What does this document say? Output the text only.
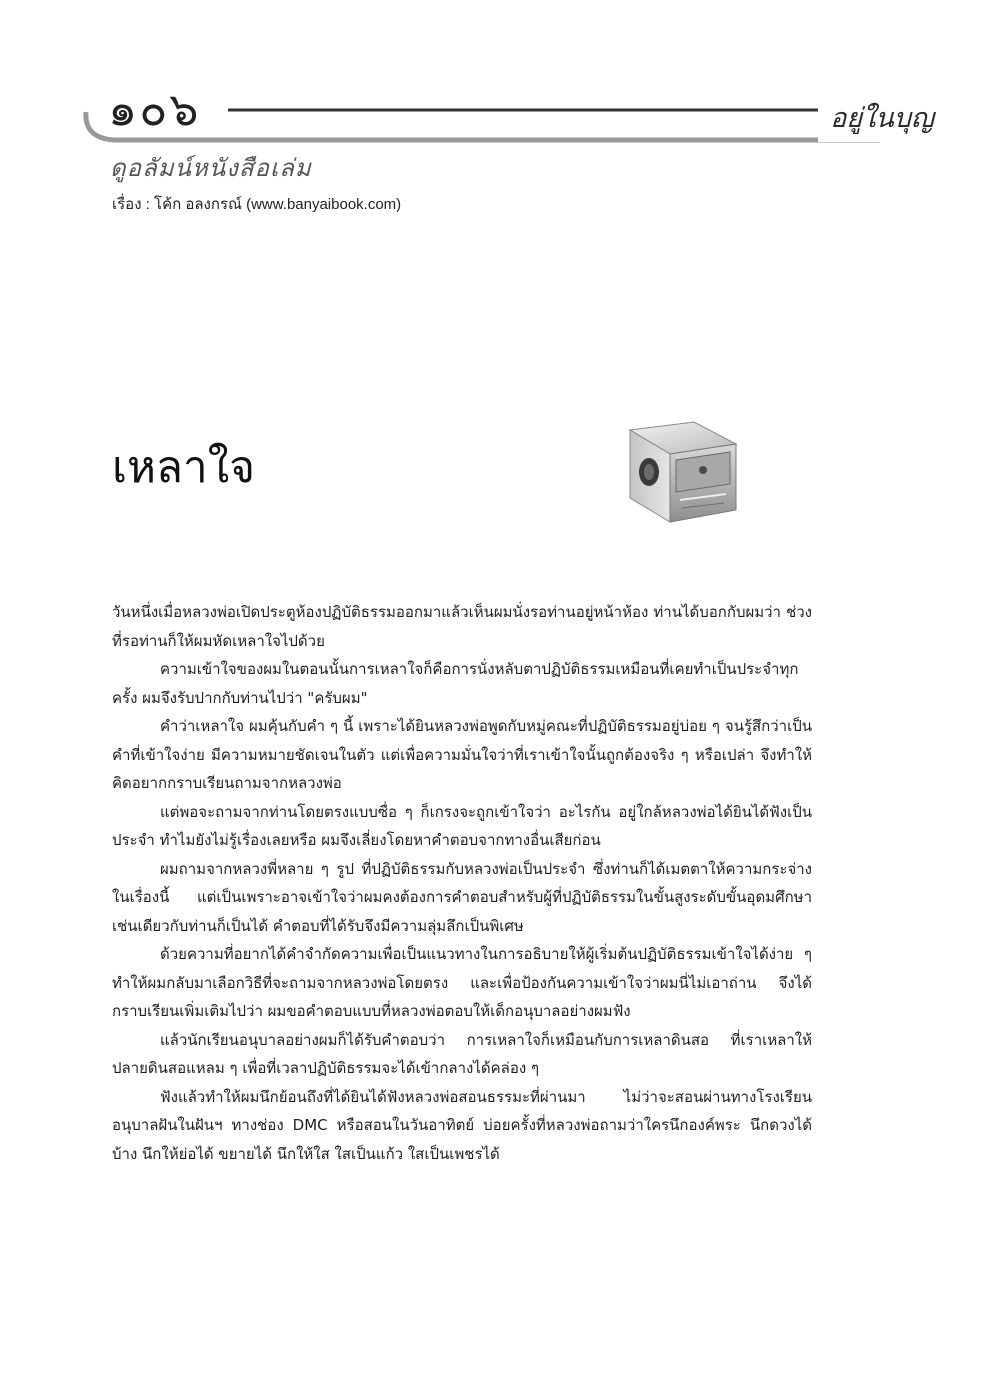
๑๐๖	อยู่ในบุญ
ดูอลัมน์หนังสือเล่ม
เรื่อง : โค้ก อลงกรณ์ (www.banyaibook.com)
เหลาใจ

วันหนึ่งเมื่อหลวงพ่อเปิดประตูห้องปฏิบัติธรรมออกมาแล้วเห็นผมนั่งรอท่านอยู่หน้าห้อง ท่านได้บอกกับผมว่า ช่วงที่รอท่านก็ให้ผมหัดเหลาใจไปด้วย

ความเข้าใจของผมในตอนนั้นการเหลาใจก็คือการนั่งหลับตาปฏิบัติธรรมเหมือนที่เคยทำเป็นประจำทุกครั้ง ผมจึงรับปากกับท่านไปว่า "ครับผม"

คำว่าเหลาใจ ผมคุ้นกับคำ ๆ นี้ เพราะได้ยินหลวงพ่อพูดกับหมู่คณะที่ปฏิบัติธรรมอยู่บ่อย ๆ จนรู้สึกว่าเป็นคำที่เข้าใจง่าย มีความหมายชัดเจนในตัว แต่เพื่อความมั่นใจว่าที่เราเข้าใจนั้นถูกต้องจริง ๆ หรือเปล่า จึงทำให้คิดอยากกราบเรียนถามจากหลวงพ่อ

แต่พอจะถามจากท่านโดยตรงแบบซื่อ ๆ ก็เกรงจะถูกเข้าใจว่า อะไรกัน อยู่ใกล้หลวงพ่อได้ยินได้ฟังเป็นประจำ ทำไมยังไม่รู้เรื่องเลยหรือ ผมจึงเลี่ยงโดยหาคำตอบจากทางอื่นเสียก่อน

ผมถามจากหลวงพี่หลาย ๆ รูป ที่ปฏิบัติธรรมกับหลวงพ่อเป็นประจำ ซึ่งท่านก็ได้เมตตาให้ความกระจ่างในเรื่องนี้ แต่เป็นเพราะอาจเข้าใจว่าผมคงต้องการคำตอบสำหรับผู้ที่ปฏิบัติธรรมในขั้นสูงระดับขั้นอุดมศึกษาเช่นเดียวกับท่านก็เป็นได้ คำตอบที่ได้รับจึงมีความลุ่มลึกเป็นพิเศษ

ด้วยความที่อยากได้คำจำกัดความเพื่อเป็นแนวทางในการอธิบายให้ผู้เริ่มต้นปฏิบัติธรรมเข้าใจได้ง่าย ๆ ทำให้ผมกลับมาเลือกวิธีที่จะถามจากหลวงพ่อโดยตรง และเพื่อป้องกันความเข้าใจว่าผมนี่ไม่เอาถ่าน จึงได้กราบเรียนเพิ่มเติมไปว่า ผมขอคำตอบแบบที่หลวงพ่อตอบให้เด็กอนุบาลอย่างผมฟัง

แล้วนักเรียนอนุบาลอย่างผมก็ได้รับคำตอบว่า การเหลาใจก็เหมือนกับการเหลาดินสอ ที่เราเหลาให้ปลายดินสอแหลม ๆ เพื่อที่เวลาปฏิบัติธรรมจะได้เข้ากลางได้คล่อง ๆ

ฟังแล้วทำให้ผมนึกย้อนถึงที่ได้ยินได้ฟังหลวงพ่อสอนธรรมะที่ผ่านมา ไม่ว่าจะสอนผ่านทางโรงเรียนอนุบาลฝันในฝันฯ ทางช่อง DMC หรือสอนในวันอาทิตย์ บ่อยครั้งที่หลวงพ่อถามว่าใครนึกองค์พระ นึกดวงได้บ้าง นึกให้ย่อได้ ขยายได้ นึกให้ใส ใสเป็นแก้ว ใสเป็นเพชรได้
